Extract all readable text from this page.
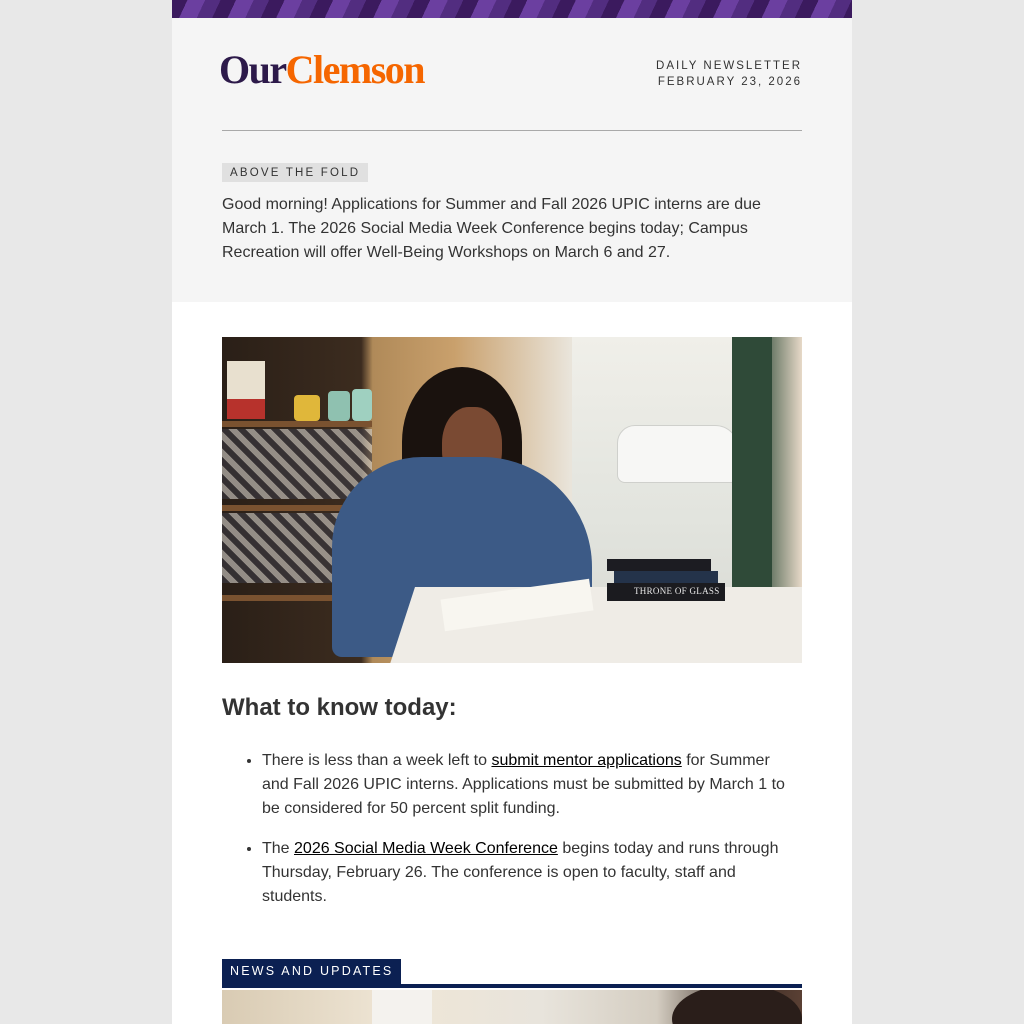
OurClemson	DAILY NEWSLETTER
FEBRUARY 23, 2026
ABOVE THE FOLD

Good morning! Applications for Summer and Fall 2026 UPIC interns are due March 1. The 2026 Social Media Week Conference begins today; Campus Recreation will offer Well-Being Workshops on March 6 and 27.

THRONE OF GLASS
What to know today:
• There is less than a week left to submit mentor applications for Summer and Fall 2026 UPIC interns. Applications must be submitted by March 1 to be considered for 50 percent split funding.
• The 2026 Social Media Week Conference begins today and runs through Thursday, February 26. The conference is open to faculty, staff and students.
NEWS AND UPDATES
